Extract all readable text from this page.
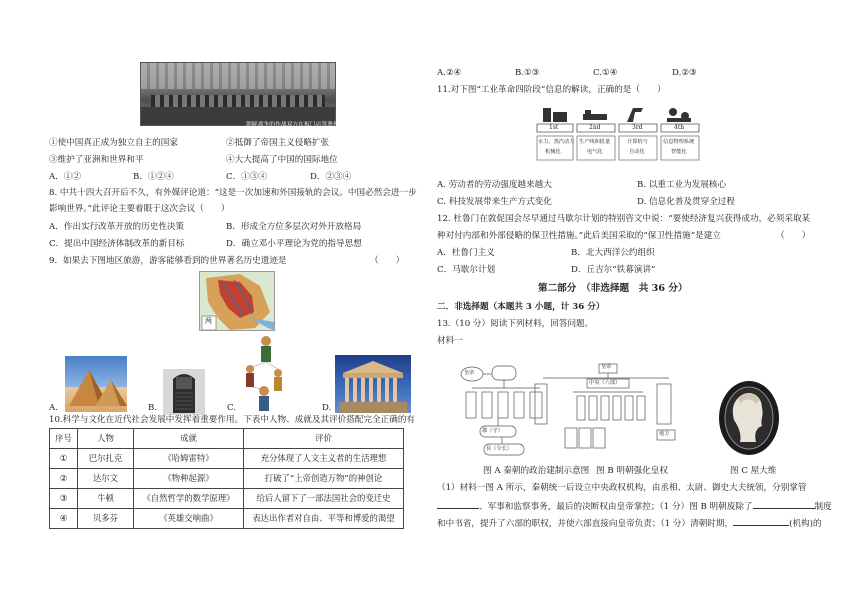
朝鲜战争的作战双方在板门店签署停战协定的场景
①使中国真正成为独立自主的国家	②抵御了帝国主义侵略扩张
③维护了亚洲和世界和平	④大大提高了中国的国际地位
A．①②	B．①②④	C．①③④	D．②③④
8. 中共十四大召开后不久，有外媒评论道：“这是一次加速和外国接轨的会议。中国必然会进一步
影响世界。”此评论主要着眼于这次会议（　　）
A．作出实行改革开放的历史性决策	B．形成全方位多层次对外开放格局
C．提出中国经济体制改革的新目标	D．确立邓小平理论为党的指导思想
9．如果去下图地区旅游，游客能够看到的世界著名历史遗迹是	（　　）
两
A.	B.	C.	D.
10.科学与文化在近代社会发展中发挥着重要作用。下表中人物、成就及其评价搭配完全正确的有
序号	人物	成就	评价
①	巴尔扎克	《哈姆雷特》	充分体现了人文主义者的生活理想
②	达尔文	《物种起源》	打破了“上帝创造万物”的神创论
③	牛顿	《自然哲学的数学原理》	给后人留下了一部法国社会的变迁史
④	贝多芬	《英雄交响曲》	表达出作者对自由、平等和博爱的渴望
A.②④	B.①③	C.①④	D.②③
11.对下图“工业革命四阶段”信息的解读，正确的是（　　）
1st	2nd	3rd	4th
水力、蒸汽动力
机械化
生产线和批量
电气化
计算机与
自动化
信息物理系统
智能化
A. 劳动者的劳动强度越来越大	B. 以重工业为发展核心
C. 科技发展带来生产方式变化	D. 信息化普及贯穿全过程
12. 杜鲁门在敦促国会尽早通过马歇尔计划的特别咨文中说：“要使经济复兴获得成功，必须采取某
种对付内部和外部侵略的保卫性措施。”此后美国采取的“保卫性措施”是建立	（　　）
A．杜鲁门主义	B．北大西洋公约组织
C．马歇尔计划	D．丘吉尔“铁幕演讲”
第二部分　（非选择题　共 36 分）
二．非选择题（本题共 3 小题，计 36 分）
13.（10 分）阅读下列材料，回答问题。
材料一
皇帝
郡（守）
县（令长）
皇帝
中央（六部）
地方
图 A 秦朝的政治建制示意图 图 B 明朝强化皇权	图 C 屋大维
（1）材料一图 A 所示，秦朝统一后设立中央政权机构，由丞相、太尉、御史大夫统领，分别掌管
、军事和监察事务，最后的决断权由皇帝掌控；（1 分）图 B 明朝废除了	制度
和中书省，提升了六部的职权，并使六部直接向皇帝负责；（1 分）清朝时期，	(机构)的
